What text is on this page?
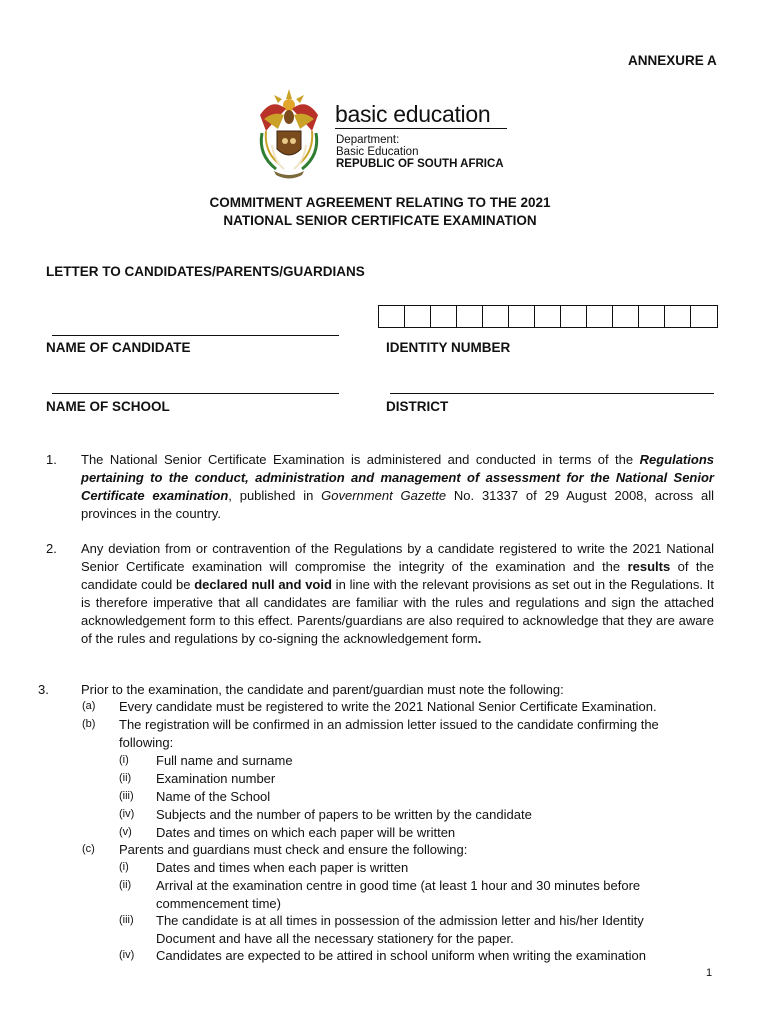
ANNEXURE A
basic education
Department:
Basic Education
REPUBLIC OF SOUTH AFRICA
COMMITMENT AGREEMENT RELATING TO THE 2021
NATIONAL SENIOR CERTIFICATE EXAMINATION
LETTER TO CANDIDATES/PARENTS/GUARDIANS
NAME OF CANDIDATE	IDENTITY NUMBER
NAME OF SCHOOL	DISTRICT
1. The National Senior Certificate Examination is administered and conducted in terms of the Regulations pertaining to the conduct, administration and management of assessment for the National Senior Certificate examination, published in Government Gazette No. 31337 of 29 August 2008, across all provinces in the country.
2. Any deviation from or contravention of the Regulations by a candidate registered to write the 2021 National Senior Certificate examination will compromise the integrity of the examination and the results of the candidate could be declared null and void in line with the relevant provisions as set out in the Regulations. It is therefore imperative that all candidates are familiar with the rules and regulations and sign the attached acknowledgement form to this effect. Parents/guardians are also required to acknowledge that they are aware of the rules and regulations by co-signing the acknowledgement form.
3. Prior to the examination, the candidate and parent/guardian must note the following:
(a) Every candidate must be registered to write the 2021 National Senior Certificate Examination.
(b) The registration will be confirmed in an admission letter issued to the candidate confirming the
following:
(i) Full name and surname
(ii) Examination number
(iii) Name of the School
(iv) Subjects and the number of papers to be written by the candidate
(v) Dates and times on which each paper will be written
(c) Parents and guardians must check and ensure the following:
(i) Dates and times when each paper is written
(ii) Arrival at the examination centre in good time (at least 1 hour and 30 minutes before
commencement time)
(iii) The candidate is at all times in possession of the admission letter and his/her Identity
Document and have all the necessary stationery for the paper.
(iv) Candidates are expected to be attired in school uniform when writing the examination
1
